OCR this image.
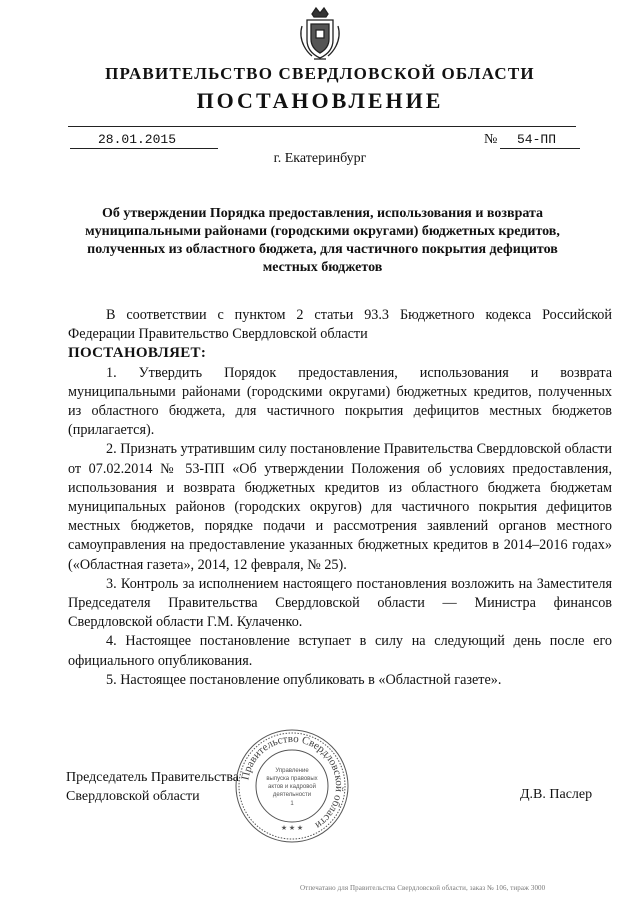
ПРАВИТЕЛЬСТВО СВЕРДЛОВСКОЙ ОБЛАСТИ
ПОСТАНОВЛЕНИЕ
28.01.2015	№ 54-ПП
г. Екатеринбург
Об утверждении Порядка предоставления, использования и возврата муниципальными районами (городскими округами) бюджетных кредитов, полученных из областного бюджета, для частичного покрытия дефицитов местных бюджетов

В соответствии с пунктом 2 статьи 93.3 Бюджетного кодекса Российской Федерации Правительство Свердловской области

ПОСТАНОВЛЯЕТ:

1. Утвердить Порядок предоставления, использования и возврата муниципальными районами (городскими округами) бюджетных кредитов, полученных из областного бюджета, для частичного покрытия дефицитов местных бюджетов (прилагается).

2. Признать утратившим силу постановление Правительства Свердловской области от 07.02.2014 № 53-ПП «Об утверждении Положения об условиях предоставления, использования и возврата бюджетных кредитов из областного бюджета бюджетам муниципальных районов (городских округов) для частичного покрытия дефицитов местных бюджетов, порядке подачи и рассмотрения заявлений органов местного самоуправления на предоставление указанных бюджетных кредитов в 2014–2016 годах» («Областная газета», 2014, 12 февраля, № 25).

3. Контроль за исполнением настоящего постановления возложить на Заместителя Председателя Правительства Свердловской области — Министра финансов Свердловской области Г.М. Кулаченко.

4. Настоящее постановление вступает в силу на следующий день после его официального опубликования.

5. Настоящее постановление опубликовать в «Областной газете».

Председатель Правительства
Свердловской области	Д.В. Паслер
Правительство Свердловской области
Управление
выпуска правовых
актов и кадровой
деятельности
1
★ ★ ★
Отпечатано для Правительства Свердловской области, заказ № 106, тираж 3000
